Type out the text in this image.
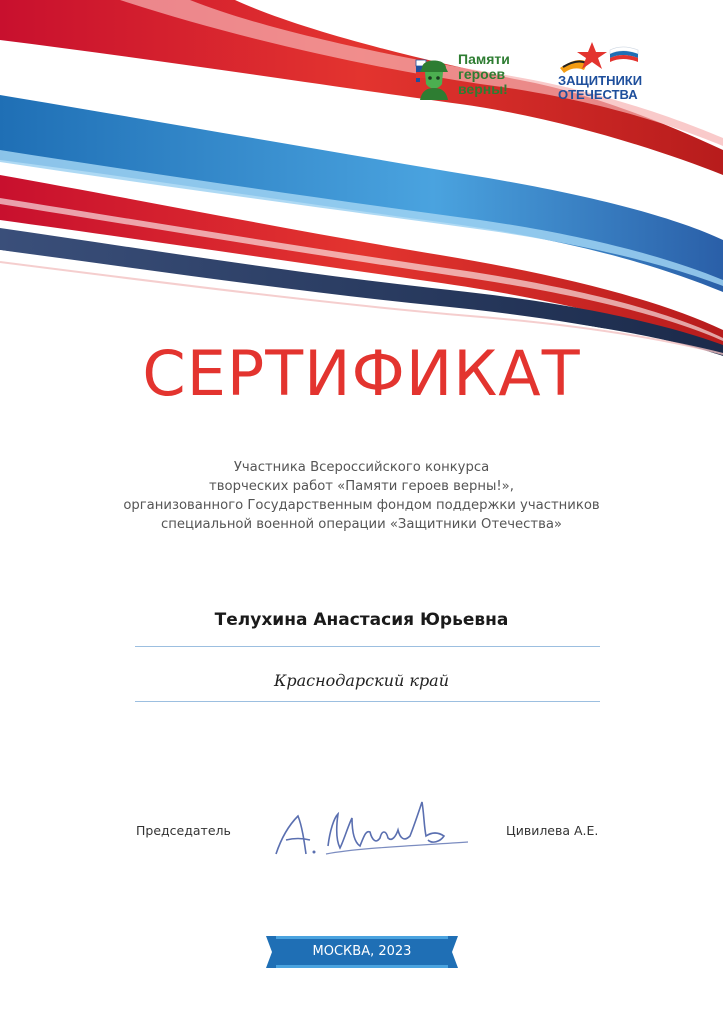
Памяти
героев
верны!
ЗАЩИТНИКИ
ОТЕЧЕСТВА
СЕРТИФИКАТ
Участника Всероссийского конкурса
творческих работ «Памяти героев верны!»,
организованного Государственным фондом поддержки участников
специальной военной операции «Защитники Отечества»
Телухина Анастасия Юрьевна
Краснодарский край
Председатель	Цивилева А.Е.
МОСКВА, 2023
